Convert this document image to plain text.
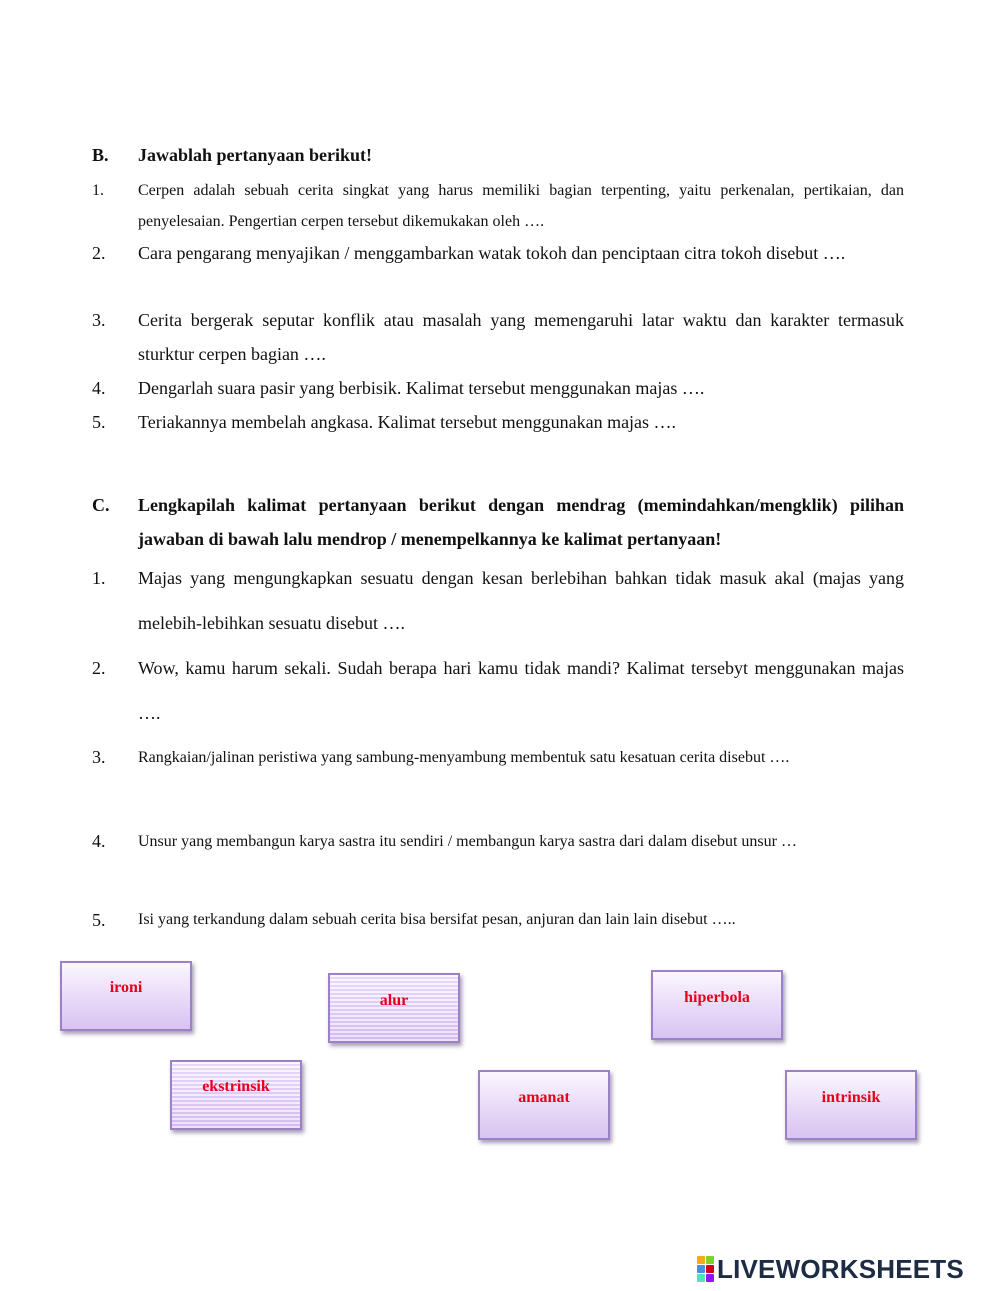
B. Jawablah pertanyaan berikut!
1. Cerpen adalah sebuah cerita singkat yang harus memiliki bagian terpenting, yaitu perkenalan, pertikaian, dan penyelesaian. Pengertian cerpen tersebut dikemukakan oleh ….
2. Cara pengarang menyajikan / menggambarkan watak tokoh dan penciptaan citra tokoh disebut ….
3. Cerita bergerak seputar konflik atau masalah yang memengaruhi latar waktu dan karakter termasuk sturktur cerpen bagian ….
4. Dengarlah suara pasir yang berbisik. Kalimat tersebut menggunakan majas ….
5. Teriakannya membelah angkasa. Kalimat tersebut menggunakan majas ….
C. Lengkapilah kalimat pertanyaan berikut dengan mendrag (memindahkan/mengklik) pilihan jawaban di bawah lalu mendrop / menempelkannya ke kalimat pertanyaan!
1. Majas yang mengungkapkan sesuatu dengan kesan berlebihan bahkan tidak masuk akal (majas yang melebih-lebihkan sesuatu disebut ….
2. Wow, kamu harum sekali. Sudah berapa hari kamu tidak mandi? Kalimat tersebyt menggunakan majas ….
3. Rangkaian/jalinan peristiwa yang sambung-menyambung membentuk satu kesatuan cerita disebut ….
4. Unsur yang membangun karya sastra itu sendiri / membangun karya sastra dari dalam disebut unsur …
5. Isi yang terkandung dalam sebuah cerita bisa bersifat pesan, anjuran dan lain lain disebut …..
ironi
alur	hiperbola
ekstrinsik
amanat	intrinsik
LIVEWORKSHEETS
